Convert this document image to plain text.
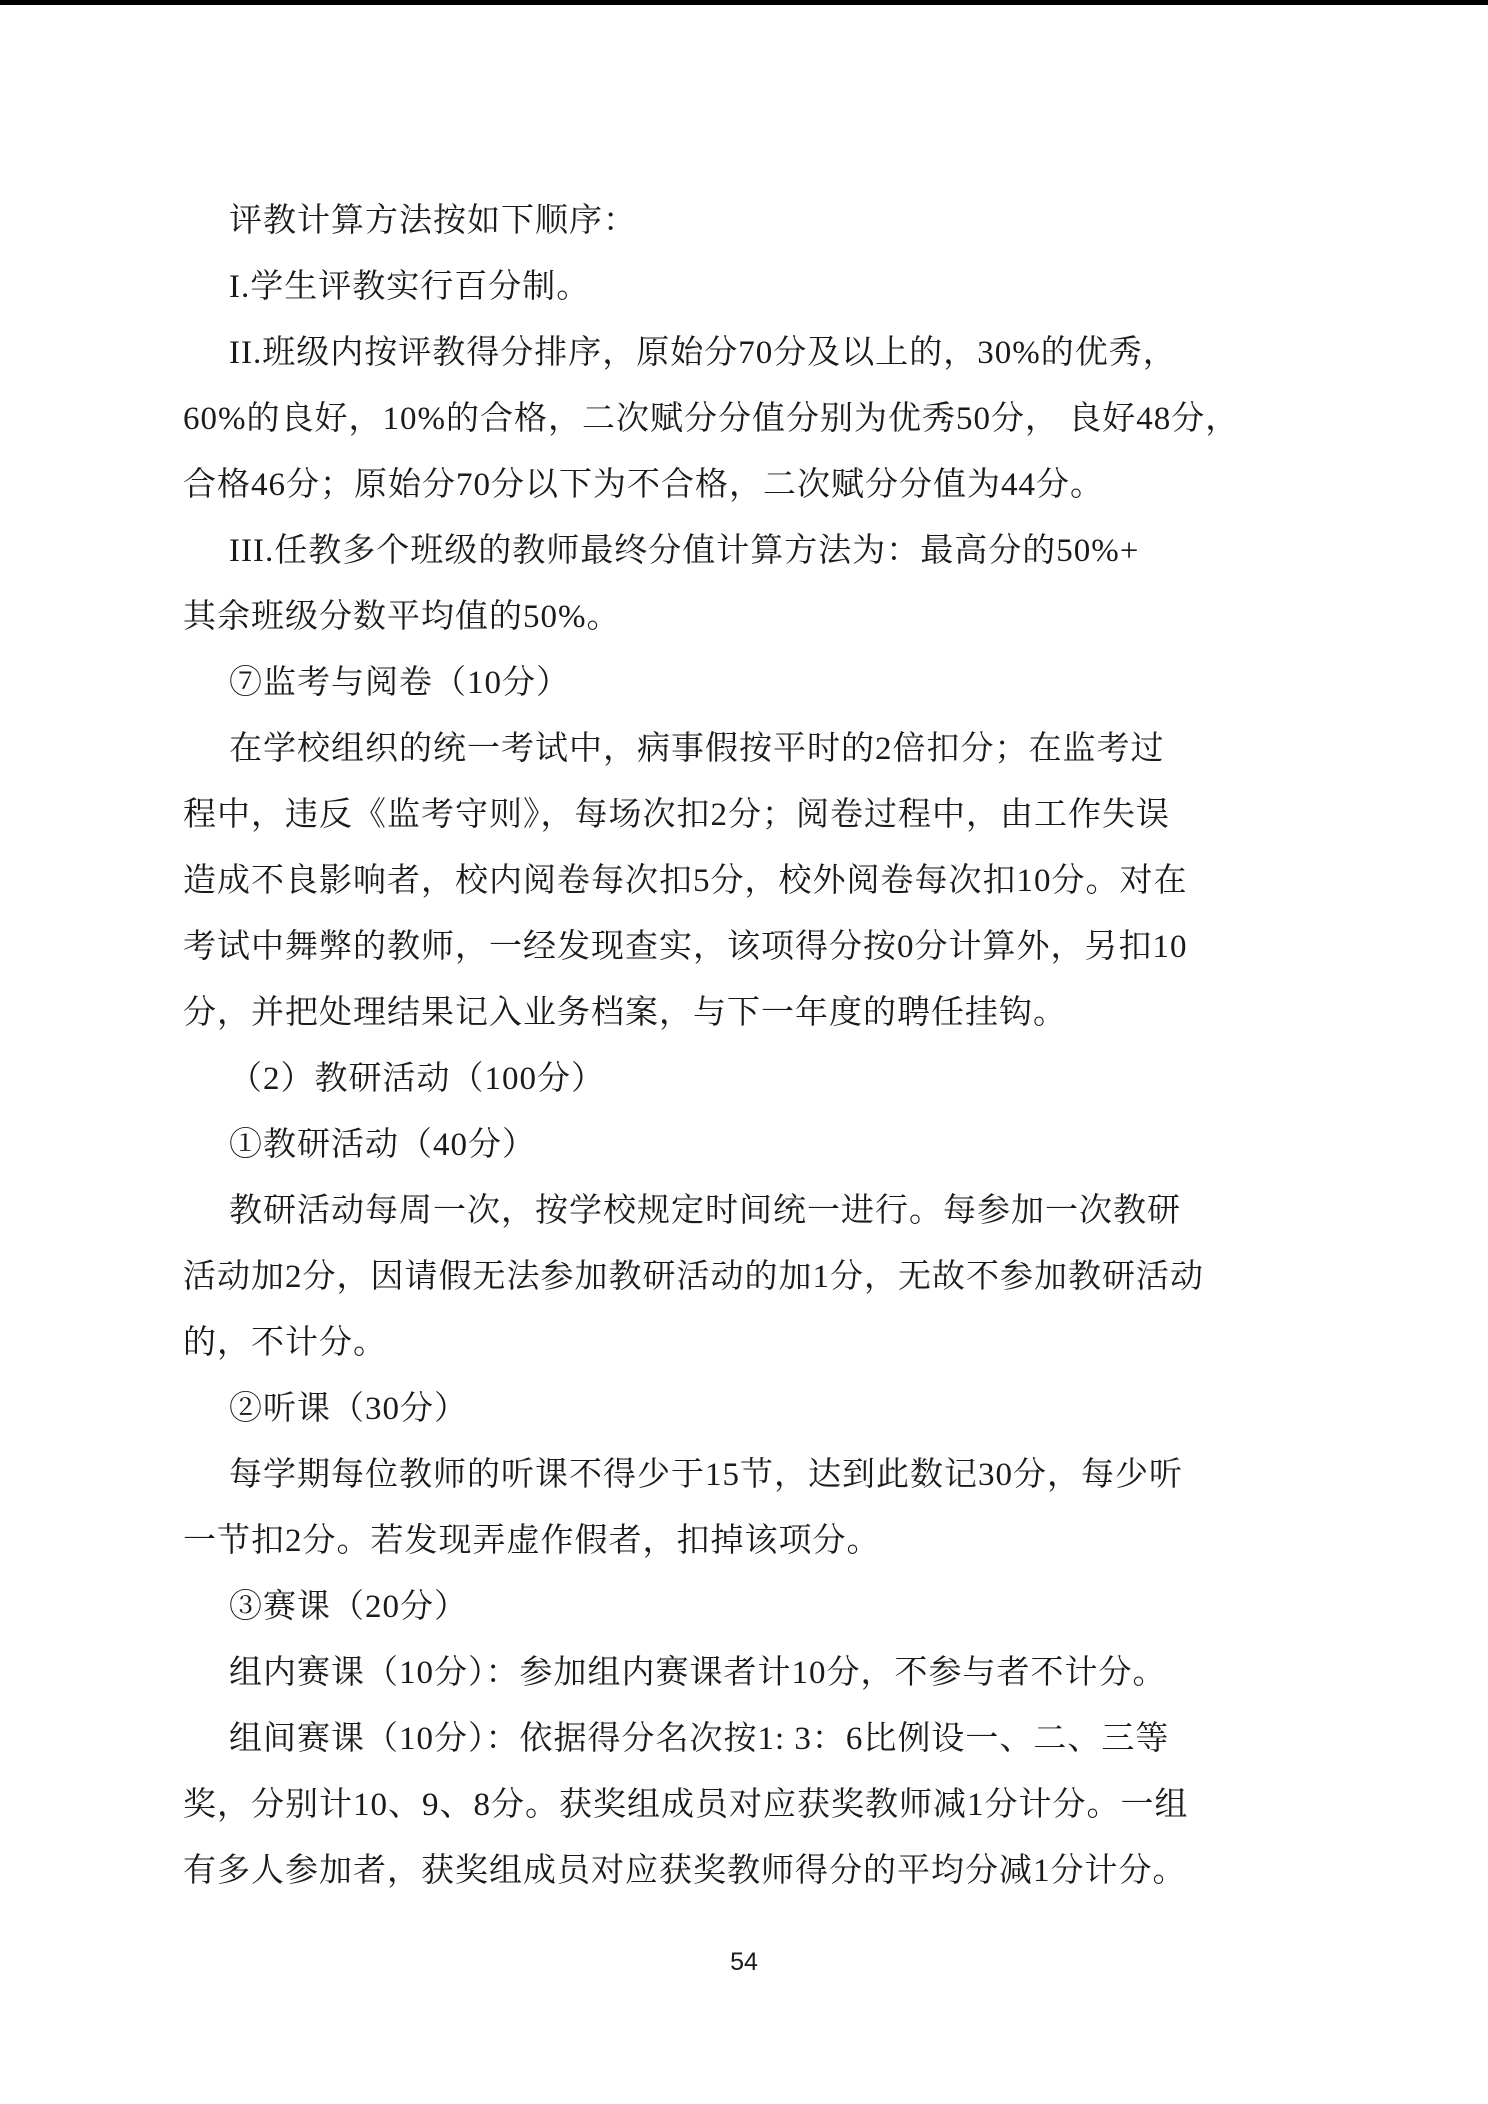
评教计算方法按如下顺序：
I.学生评教实行百分制。
II.班级内按评教得分排序，原始分70分及以上的，30%的优秀，
60%的良好，10%的合格，二次赋分分值分别为优秀50分， 良好48分，
合格46分；原始分70分以下为不合格，二次赋分分值为44分。
III.任教多个班级的教师最终分值计算方法为：最高分的50%+
其余班级分数平均值的50%。
⑦监考与阅卷（10分）
在学校组织的统一考试中，病事假按平时的2倍扣分；在监考过
程中，违反《监考守则》，每场次扣2分；阅卷过程中，由工作失误
造成不良影响者，校内阅卷每次扣5分，校外阅卷每次扣10分。对在
考试中舞弊的教师，一经发现查实，该项得分按0分计算外，另扣10
分，并把处理结果记入业务档案，与下一年度的聘任挂钩。
（2）教研活动（100分）
①教研活动（40分）
教研活动每周一次，按学校规定时间统一进行。每参加一次教研
活动加2分，因请假无法参加教研活动的加1分，无故不参加教研活动
的，不计分。
②听课（30分）
每学期每位教师的听课不得少于15节，达到此数记30分，每少听
一节扣2分。若发现弄虚作假者，扣掉该项分。
③赛课（20分）
组内赛课（10分）：参加组内赛课者计10分，不参与者不计分。
组间赛课（10分）：依据得分名次按1: 3：6比例设一、二、三等
奖，分别计10、9、8分。获奖组成员对应获奖教师减1分计分。一组
有多人参加者，获奖组成员对应获奖教师得分的平均分减1分计分。
54
